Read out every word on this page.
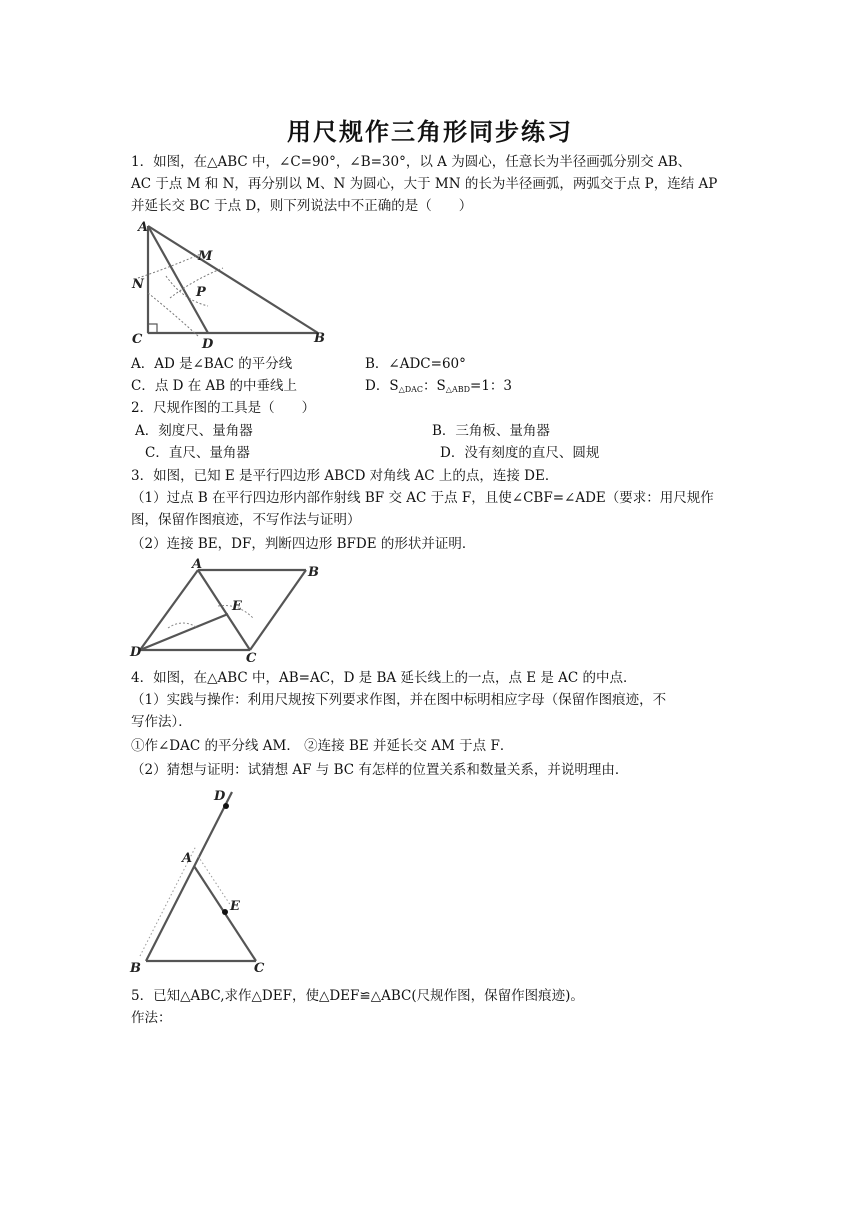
用尺规作三角形同步练习
1．如图，在△ABC 中，∠C=90°，∠B=30°，以 A 为圆心，任意长为半径画弧分别交 AB、
AC 于点 M 和 N，再分别以 M、N 为圆心，大于 MN 的长为半径画弧，两弧交于点 P，连结 AP
并延长交 BC 于点 D，则下列说法中不正确的是（　　）
A
M
N
P
C	D	B
A．AD 是∠BAC 的平分线	B．∠ADC=60°
C．点 D 在 AB 的中垂线上	D．$S_{\triangle DAC}$：$S_{\triangle ABD}=1$：3
2．尺规作图的工具是（　　）
A．刻度尺、量角器	B．三角板、量角器
C．直尺、量角器	D．没有刻度的直尺、圆规
3．如图，已知 E 是平行四边形 ABCD 对角线 AC 上的点，连接 DE．
（1）过点 B 在平行四边形内部作射线 BF 交 AC 于点 F，且使∠CBF=∠ADE（要求：用尺规作
图，保留作图痕迹，不写作法与证明）
（2）连接 BE，DF，判断四边形 BFDE 的形状并证明．
A
B
E
D	C
4．如图，在△ABC 中，AB=AC，D 是 BA 延长线上的一点，点 E 是 AC 的中点．
（1）实践与操作：利用尺规按下列要求作图，并在图中标明相应字母（保留作图痕迹，不
写作法）．
①作∠DAC 的平分线 AM． ②连接 BE 并延长交 AM 于点 F．
（2）猜想与证明：试猜想 AF 与 BC 有怎样的位置关系和数量关系，并说明理由．
D
A
E
B	C
5．已知△ABC,求作△DEF，使△DEF≌△ABC(尺规作图，保留作图痕迹)。
作法：
